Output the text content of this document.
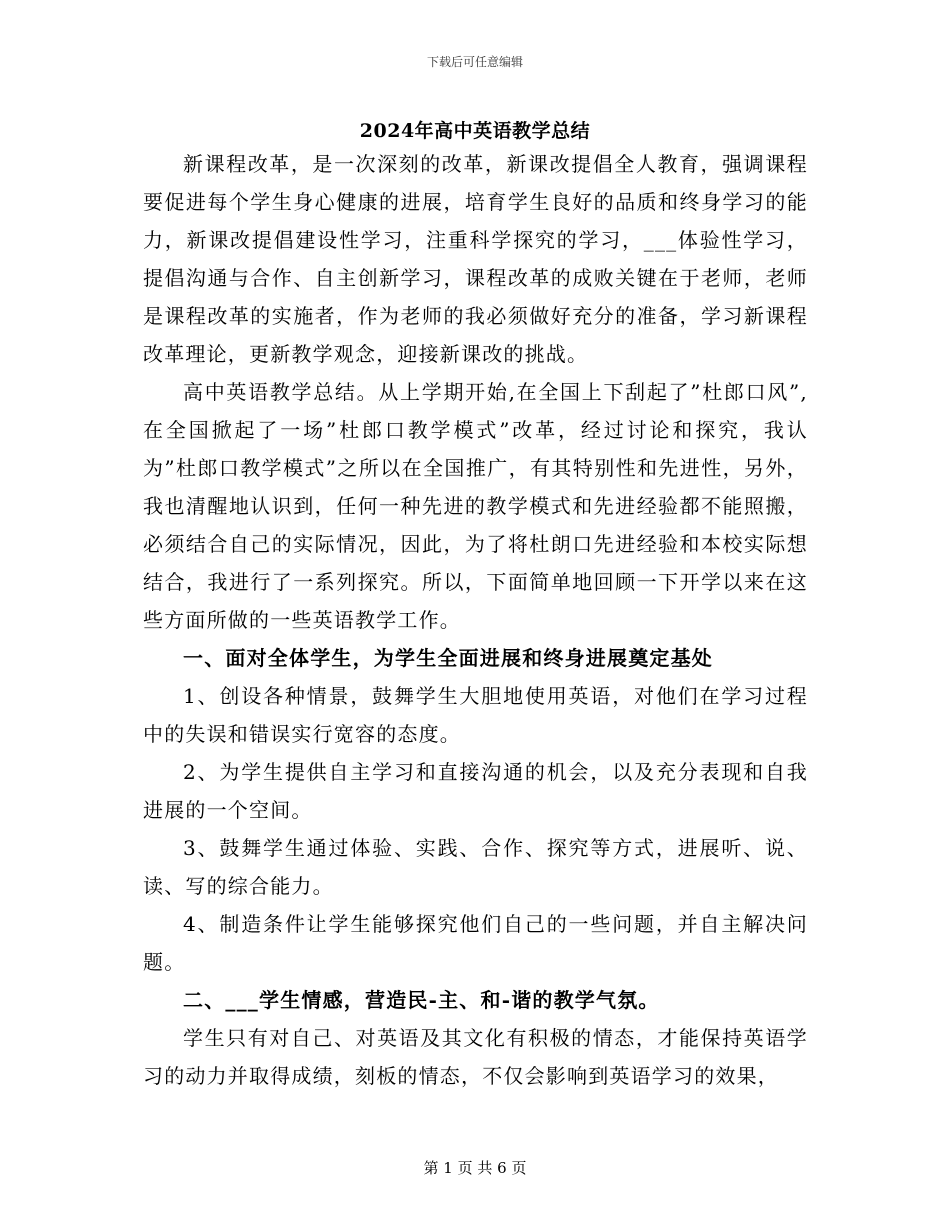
下载后可任意编辑
2024年高中英语教学总结

新课程改革，是一次深刻的改革，新课改提倡全人教育，强调课程要促进每个学生身心健康的进展，培育学生良好的品质和终身学习的能力，新课改提倡建设性学习，注重科学探究的学习，___体验性学习，提倡沟通与合作、自主创新学习，课程改革的成败关键在于老师，老师是课程改革的实施者，作为老师的我必须做好充分的准备，学习新课程改革理论，更新教学观念，迎接新课改的挑战。

高中英语教学总结。从上学期开始,在全国上下刮起了”杜郎口风”,在全国掀起了一场”杜郎口教学模式”改革，经过讨论和探究，我认为”杜郎口教学模式”之所以在全国推广，有其特别性和先进性，另外，我也清醒地认识到，任何一种先进的教学模式和先进经验都不能照搬，必须结合自己的实际情况，因此，为了将杜朗口先进经验和本校实际想结合，我进行了一系列探究。所以，下面简单地回顾一下开学以来在这些方面所做的一些英语教学工作。

一、面对全体学生，为学生全面进展和终身进展奠定基处

1、创设各种情景，鼓舞学生大胆地使用英语，对他们在学习过程中的失误和错误实行宽容的态度。

2、为学生提供自主学习和直接沟通的机会，以及充分表现和自我进展的一个空间。

3、鼓舞学生通过体验、实践、合作、探究等方式，进展听、说、读、写的综合能力。

4、制造条件让学生能够探究他们自己的一些问题，并自主解决问题。

二、___学生情感，营造民-主、和-谐的教学气氛。

学生只有对自己、对英语及其文化有积极的情态，才能保持英语学习的动力并取得成绩，刻板的情态，不仅会影响到英语学习的效果，

第 1 页 共 6 页
